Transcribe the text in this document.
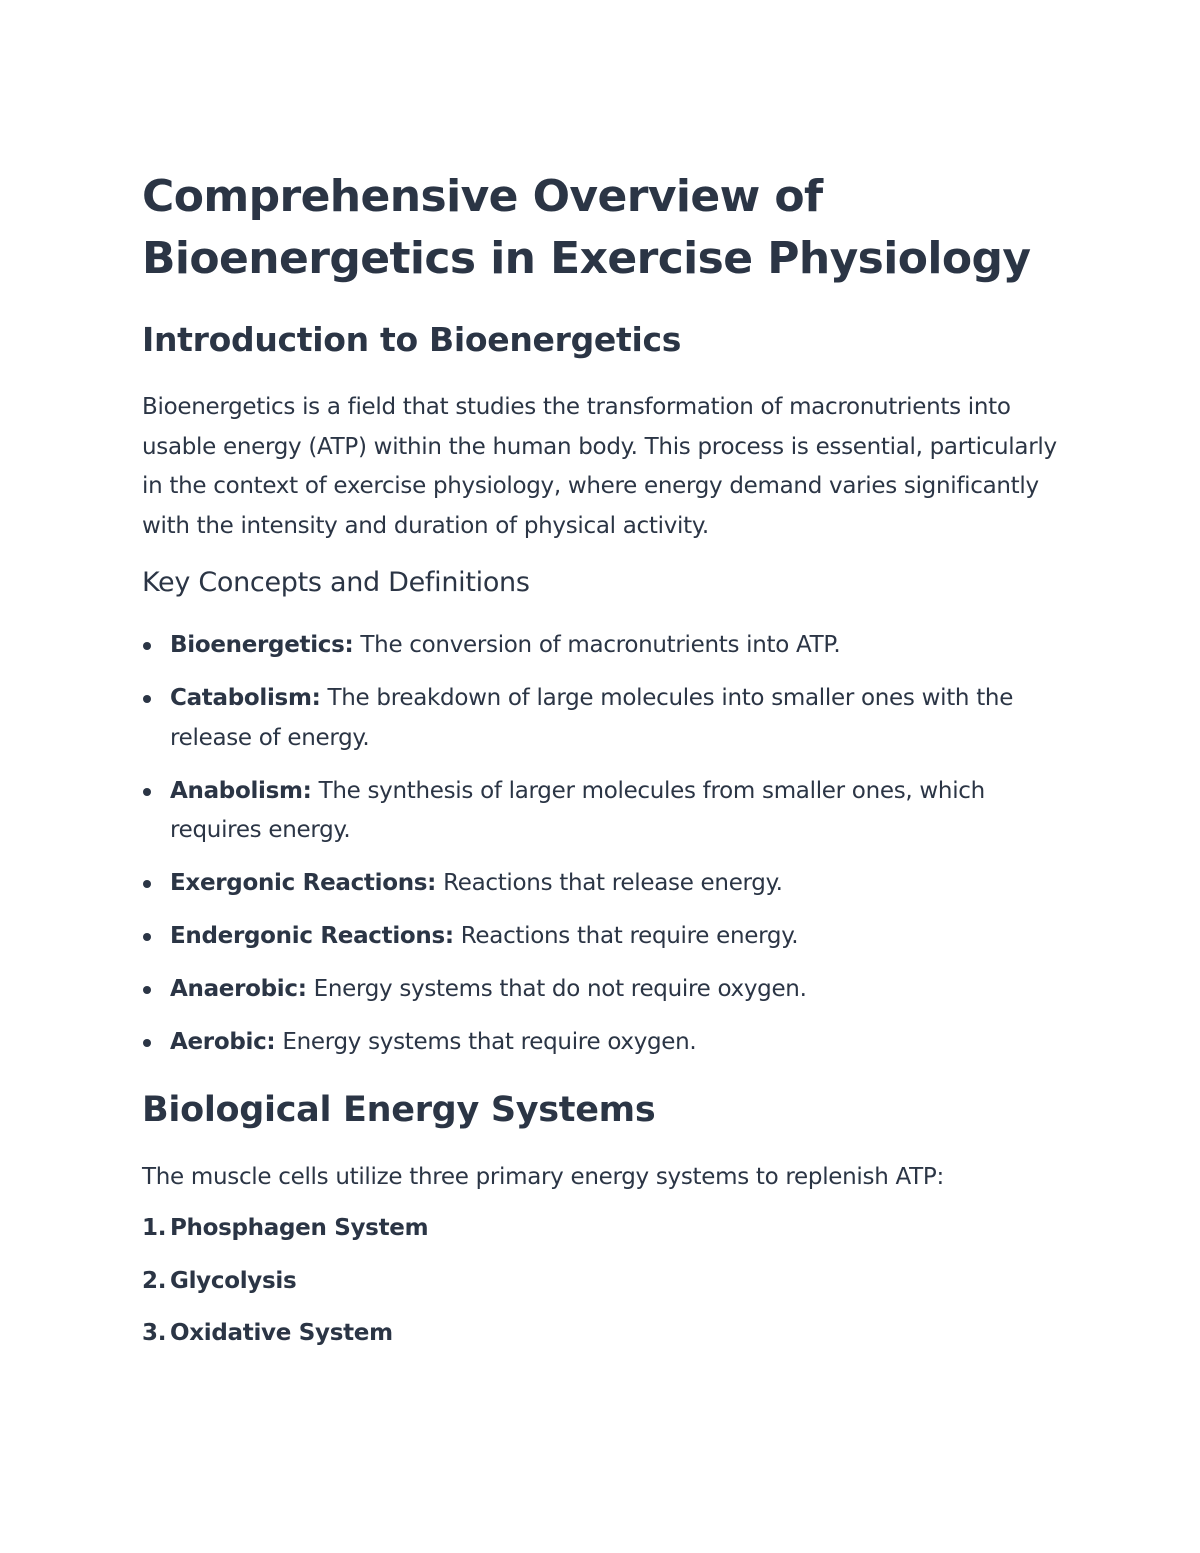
Comprehensive Overview of Bioenergetics in Exercise Physiology
Introduction to Bioenergetics

Bioenergetics is a field that studies the transformation of macronutrients into usable energy (ATP) within the human body. This process is essential, particularly in the context of exercise physiology, where energy demand varies significantly with the intensity and duration of physical activity.

Key Concepts and Definitions
Bioenergetics: The conversion of macronutrients into ATP.
Catabolism: The breakdown of large molecules into smaller ones with the release of energy.
Anabolism: The synthesis of larger molecules from smaller ones, which requires energy.
Exergonic Reactions: Reactions that release energy.
Endergonic Reactions: Reactions that require energy.
Anaerobic: Energy systems that do not require oxygen.
Aerobic: Energy systems that require oxygen.
Biological Energy Systems

The muscle cells utilize three primary energy systems to replenish ATP:

1. Phosphagen System
2. Glycolysis
3. Oxidative System
